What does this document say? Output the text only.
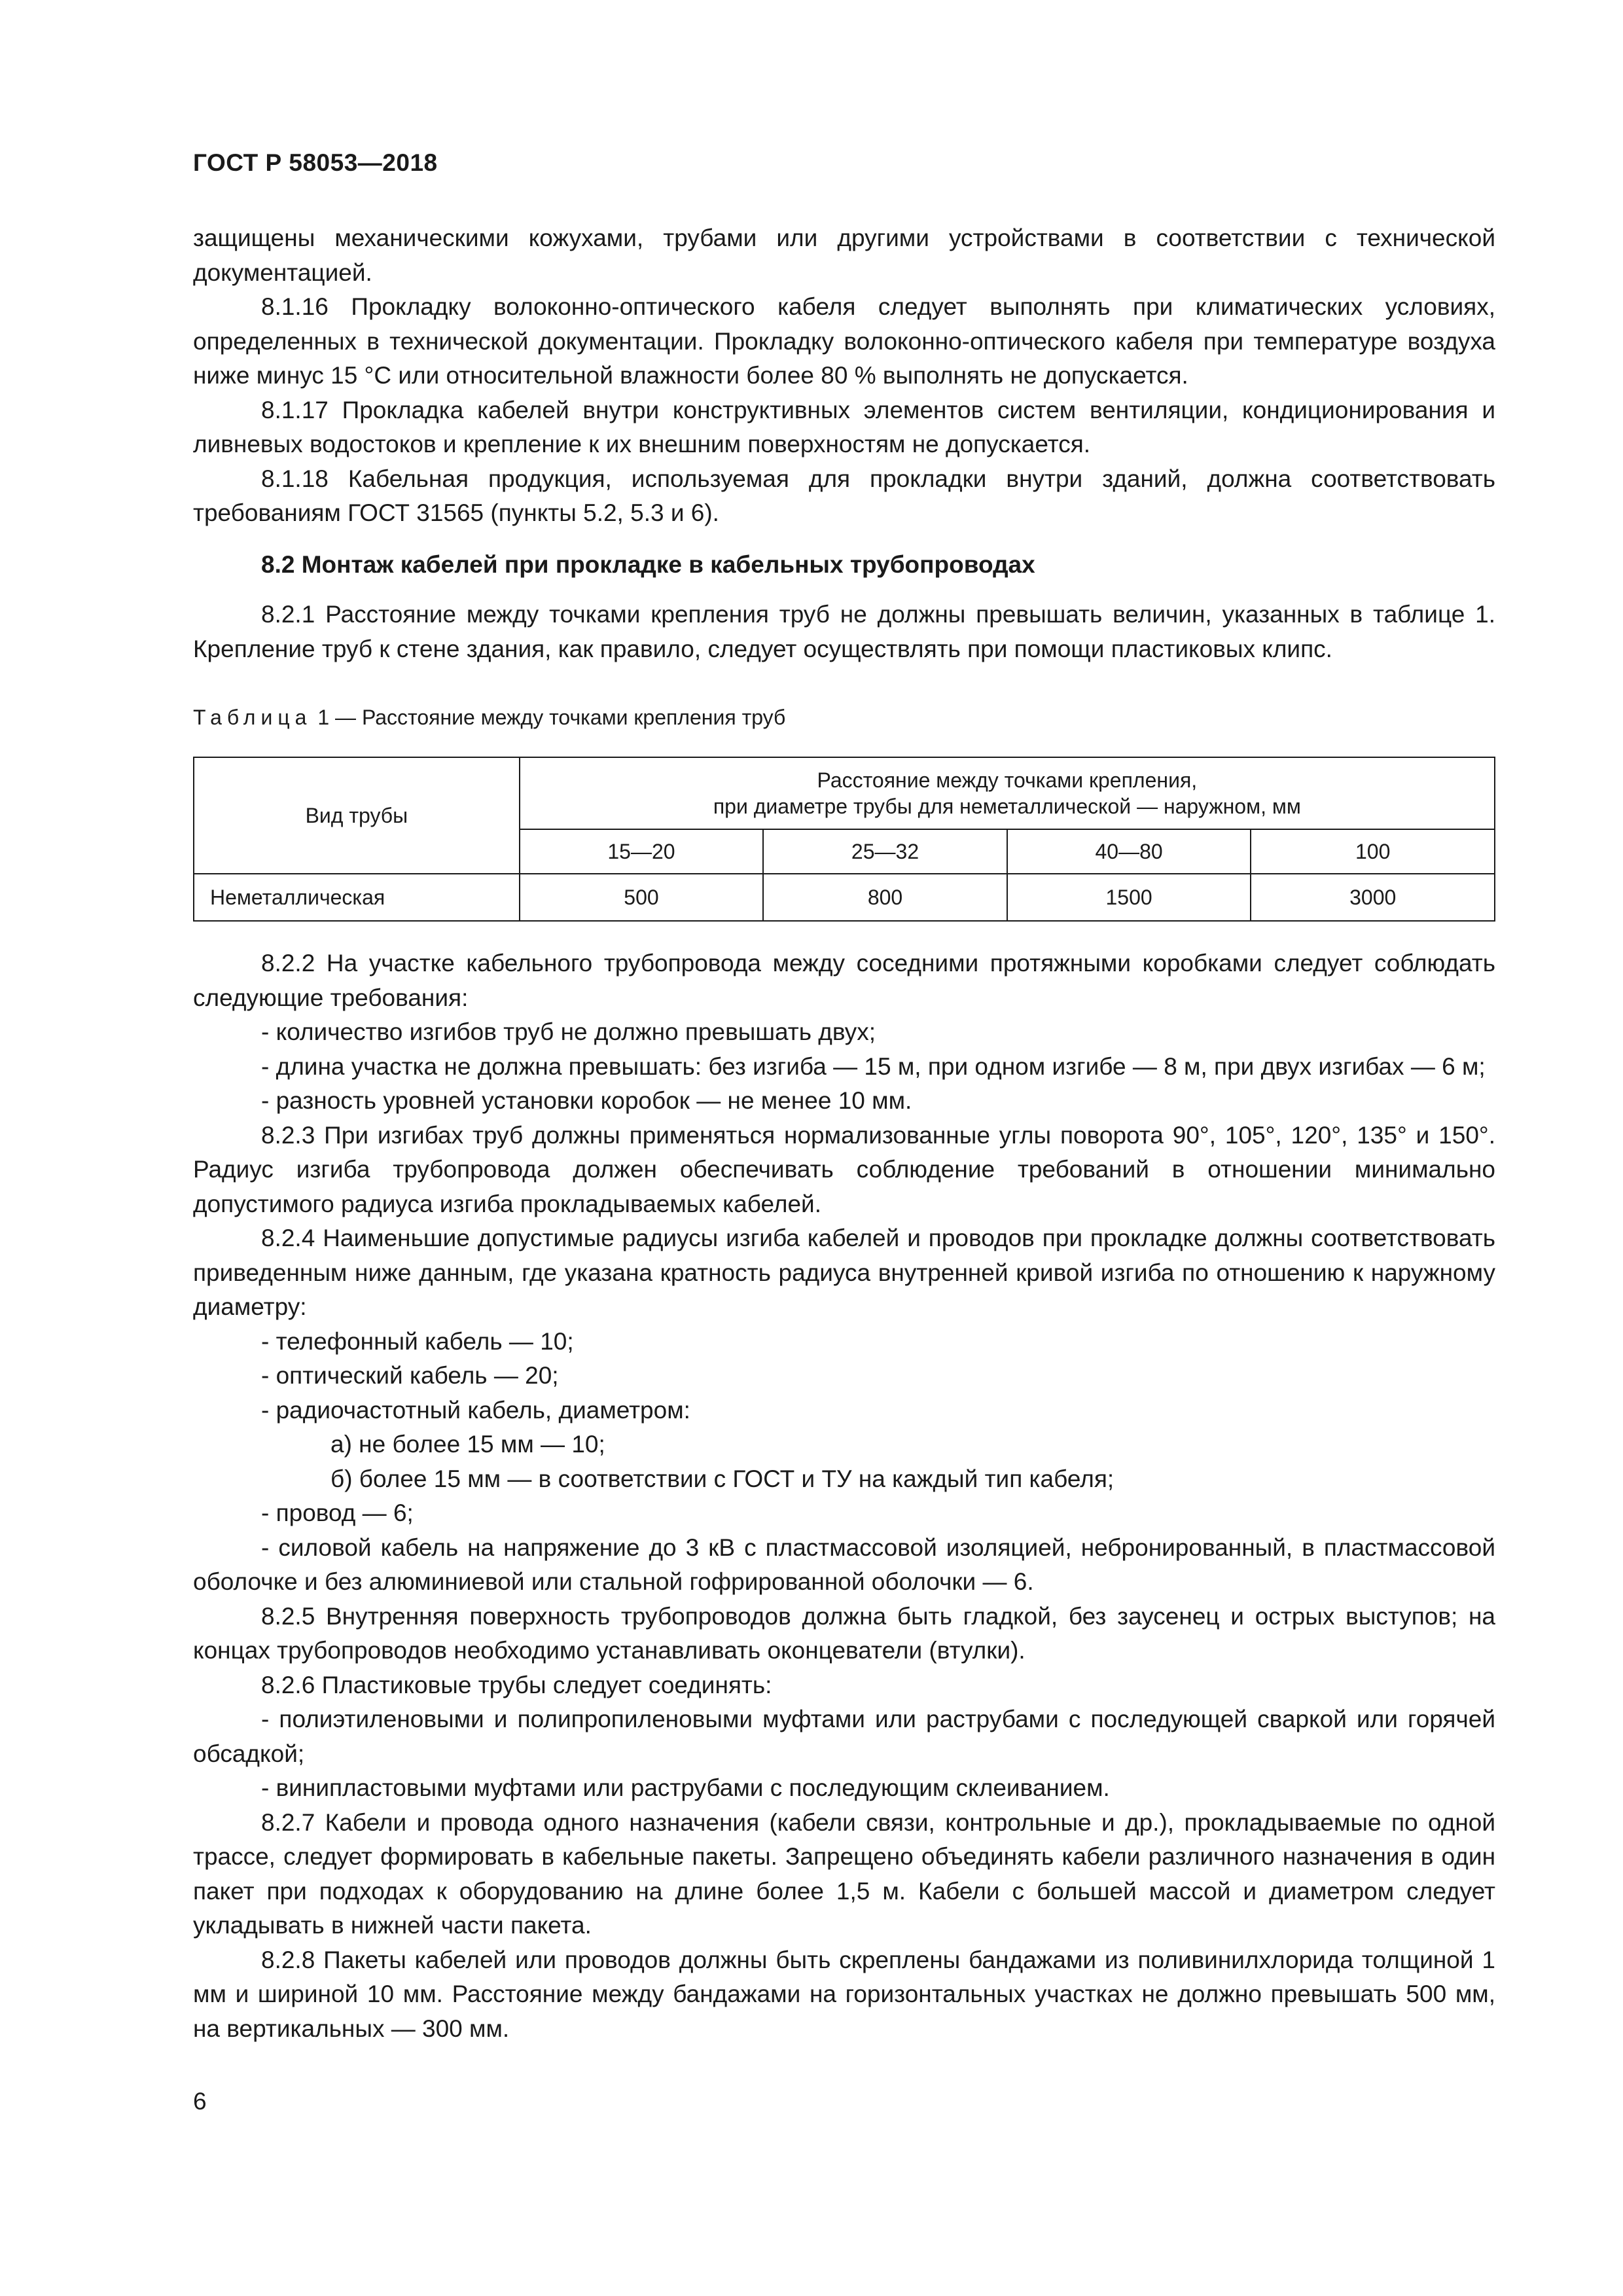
ГОСТ Р 58053—2018

защищены механическими кожухами, трубами или другими устройствами в соответствии с технической документацией.

8.1.16 Прокладку волоконно-оптического кабеля следует выполнять при климатических условиях, определенных в технической документации. Прокладку волоконно-оптического кабеля при температуре воздуха ниже минус 15 °С или относительной влажности более 80 % выполнять не допускается.

8.1.17 Прокладка кабелей внутри конструктивных элементов систем вентиляции, кондиционирования и ливневых водостоков и крепление к их внешним поверхностям не допускается.

8.1.18 Кабельная продукция, используемая для прокладки внутри зданий, должна соответствовать требованиям ГОСТ 31565 (пункты 5.2, 5.3 и 6).

8.2 Монтаж кабелей при прокладке в кабельных трубопроводах

8.2.1 Расстояние между точками крепления труб не должны превышать величин, указанных в таблице 1. Крепление труб к стене здания, как правило, следует осуществлять при помощи пластиковых клипс.

Таблица 1 — Расстояние между точками крепления труб
Вид трубы	Расстояние между точками крепления,
при диаметре трубы для неметаллической — наружном, мм			

	15—20	25—32	40—80	100
Неметаллическая	500	800	1500	3000

8.2.2 На участке кабельного трубопровода между соседними протяжными коробками следует соблюдать следующие требования:

- количество изгибов труб не должно превышать двух;

- длина участка не должна превышать: без изгиба — 15 м, при одном изгибе — 8 м, при двух изгибах — 6 м;

- разность уровней установки коробок — не менее 10 мм.

8.2.3 При изгибах труб должны применяться нормализованные углы поворота 90°, 105°, 120°, 135° и 150°. Радиус изгиба трубопровода должен обеспечивать соблюдение требований в отношении минимально допустимого радиуса изгиба прокладываемых кабелей.

8.2.4 Наименьшие допустимые радиусы изгиба кабелей и проводов при прокладке должны соответствовать приведенным ниже данным, где указана кратность радиуса внутренней кривой изгиба по отношению к наружному диаметру:

- телефонный кабель — 10;

- оптический кабель — 20;

- радиочастотный кабель, диаметром:

а) не более 15 мм — 10;

б) более 15 мм — в соответствии с ГОСТ и ТУ на каждый тип кабеля;

- провод — 6;

- силовой кабель на напряжение до 3 кВ с пластмассовой изоляцией, небронированный, в пластмассовой оболочке и без алюминиевой или стальной гофрированной оболочки — 6.

8.2.5 Внутренняя поверхность трубопроводов должна быть гладкой, без заусенец и острых выступов; на концах трубопроводов необходимо устанавливать оконцеватели (втулки).

8.2.6 Пластиковые трубы следует соединять:

- полиэтиленовыми и полипропиленовыми муфтами или раструбами с последующей сваркой или горячей обсадкой;

- винипластовыми муфтами или раструбами с последующим склеиванием.

8.2.7 Кабели и провода одного назначения (кабели связи, контрольные и др.), прокладываемые по одной трассе, следует формировать в кабельные пакеты. Запрещено объединять кабели различного назначения в один пакет при подходах к оборудованию на длине более 1,5 м. Кабели с большей массой и диаметром следует укладывать в нижней части пакета.

8.2.8 Пакеты кабелей или проводов должны быть скреплены бандажами из поливинилхлорида толщиной 1 мм и шириной 10 мм. Расстояние между бандажами на горизонтальных участках не должно превышать 500 мм, на вертикальных — 300 мм.

6
